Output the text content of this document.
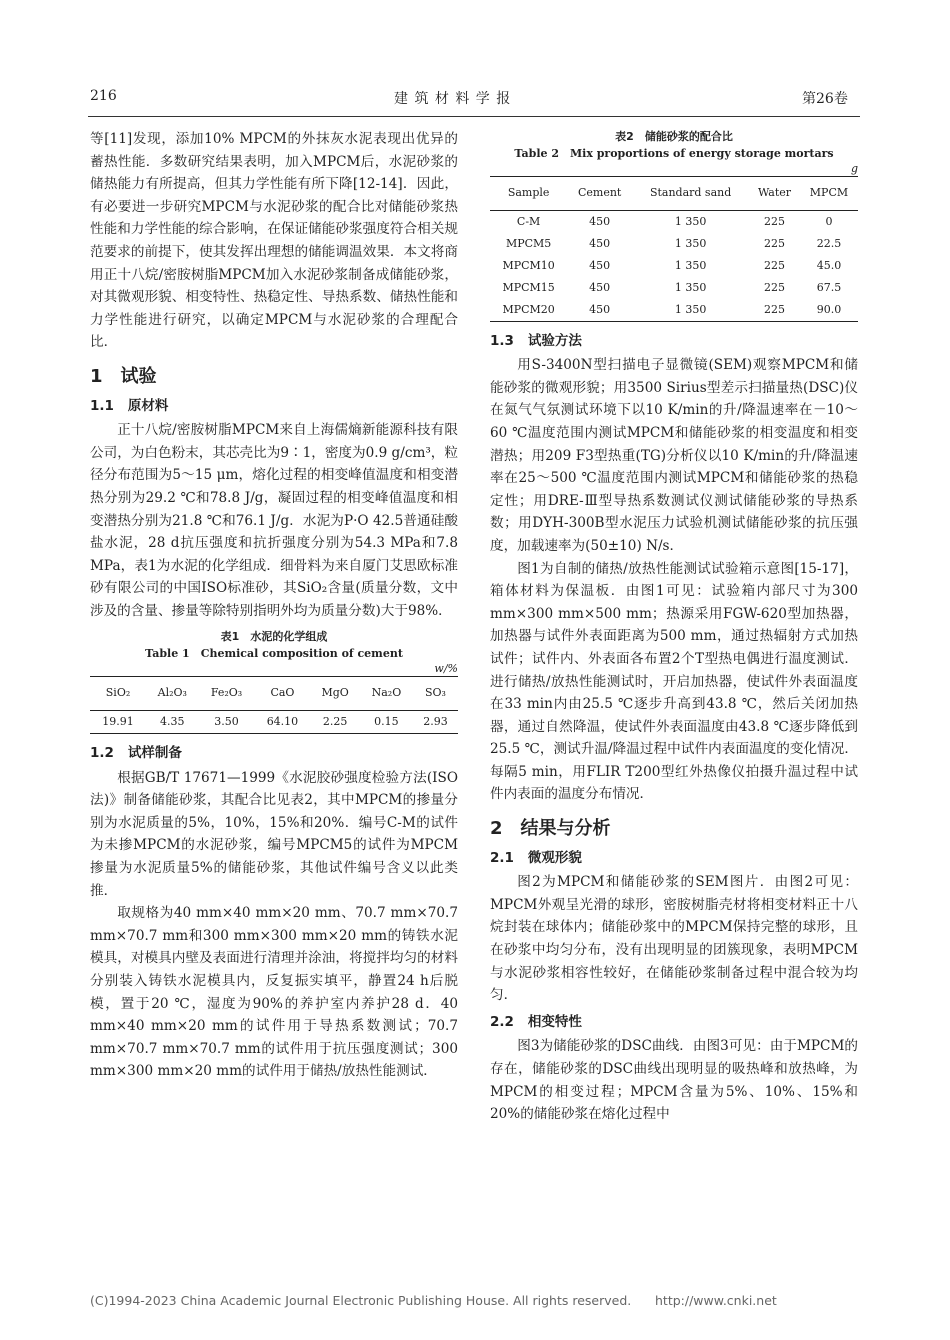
216	建 筑 材 料 学 报	第26卷

等[11]发现，添加10% MPCM的外抹灰水泥表现出优异的蓄热性能．多数研究结果表明，加入MPCM后，水泥砂浆的储热能力有所提高，但其力学性能有所下降[12-14]．因此，有必要进一步研究MPCM与水泥砂浆的配合比对储能砂浆热性能和力学性能的综合影响，在保证储能砂浆强度符合相关规范要求的前提下，使其发挥出理想的储能调温效果．本文将商用正十八烷/密胺树脂MPCM加入水泥砂浆制备成储能砂浆，对其微观形貌、相变特性、热稳定性、导热系数、储热性能和力学性能进行研究，以确定MPCM与水泥砂浆的合理配合比．

1 试验
1.1 原材料

正十八烷/密胺树脂MPCM来自上海儒熵新能源科技有限公司，为白色粉末，其芯壳比为9∶1，密度为0.9 g/cm³，粒径分布范围为5～15 μm，熔化过程的相变峰值温度和相变潜热分别为29.2 ℃和78.8 J/g，凝固过程的相变峰值温度和相变潜热分别为21.8 ℃和76.1 J/g．水泥为P·O 42.5普通硅酸盐水泥，28 d抗压强度和抗折强度分别为54.3 MPa和7.8 MPa，表1为水泥的化学组成．细骨料为来自厦门艾思欧标准砂有限公司的中国ISO标准砂，其SiO₂含量(质量分数，文中涉及的含量、掺量等除特别指明外均为质量分数)大于98%．

表1　水泥的化学组成
Table 1　Chemical composition of cement
w/%
SiO₂	Al₂O₃	Fe₂O₃	CaO	MgO	Na₂O	SO₃
19.91	4.35	3.50	64.10	2.25	0.15	2.93
1.2 试样制备

根据GB/T 17671—1999《水泥胶砂强度检验方法(ISO法)》制备储能砂浆，其配合比见表2，其中MPCM的掺量分别为水泥质量的5%，10%，15%和20%．编号C-M的试件为未掺MPCM的水泥砂浆，编号MPCM5的试件为MPCM掺量为水泥质量5%的储能砂浆，其他试件编号含义以此类推．

取规格为40 mm×40 mm×20 mm、70.7 mm×70.7 mm×70.7 mm和300 mm×300 mm×20 mm的铸铁水泥模具，对模具内壁及表面进行清理并涂油，将搅拌均匀的材料分别装入铸铁水泥模具内，反复振实填平，静置24 h后脱模，置于20 ℃，湿度为90%的养护室内养护28 d．40 mm×40 mm×20 mm的试件用于导热系数测试；70.7 mm×70.7 mm×70.7 mm的试件用于抗压强度测试；300 mm×300 mm×20 mm的试件用于储热/放热性能测试．

表2　储能砂浆的配合比
Table 2　Mix proportions of energy storage mortars
g
Sample	Cement	Standard sand	Water	MPCM
C-M	450	1 350	225	0
MPCM5	450	1 350	225	22.5
MPCM10	450	1 350	225	45.0
MPCM15	450	1 350	225	67.5
MPCM20	450	1 350	225	90.0
1.3 试验方法

用S-3400N型扫描电子显微镜(SEM)观察MPCM和储能砂浆的微观形貌；用3500 Sirius型差示扫描量热(DSC)仪在氮气气氛测试环境下以10 K/min的升/降温速率在－10～60 ℃温度范围内测试MPCM和储能砂浆的相变温度和相变潜热；用209 F3型热重(TG)分析仪以10 K/min的升/降温速率在25～500 ℃温度范围内测试MPCM和储能砂浆的热稳定性；用DRE-Ⅲ型导热系数测试仪测试储能砂浆的导热系数；用DYH-300B型水泥压力试验机测试储能砂浆的抗压强度，加载速率为(50±10) N/s．

图1为自制的储热/放热性能测试试验箱示意图[15-17]，箱体材料为保温板．由图1可见：试验箱内部尺寸为300 mm×300 mm×500 mm；热源采用FGW-620型加热器，加热器与试件外表面距离为500 mm，通过热辐射方式加热试件；试件内、外表面各布置2个T型热电偶进行温度测试．进行储热/放热性能测试时，开启加热器，使试件外表面温度在33 min内由25.5 ℃逐步升高到43.8 ℃，然后关闭加热器，通过自然降温，使试件外表面温度由43.8 ℃逐步降低到25.5 ℃，测试升温/降温过程中试件内表面温度的变化情况．每隔5 min，用FLIR T200型红外热像仪拍摄升温过程中试件内表面的温度分布情况．

2 结果与分析
2.1 微观形貌

图2为MPCM和储能砂浆的SEM图片．由图2可见：MPCM外观呈光滑的球形，密胺树脂壳材将相变材料正十八烷封装在球体内；储能砂浆中的MPCM保持完整的球形，且在砂浆中均匀分布，没有出现明显的团簇现象，表明MPCM与水泥砂浆相容性较好，在储能砂浆制备过程中混合较为均匀．

2.2 相变特性

图3为储能砂浆的DSC曲线．由图3可见：由于MPCM的存在，储能砂浆的DSC曲线出现明显的吸热峰和放热峰，为MPCM的相变过程；MPCM含量为5%、10%、15%和20%的储能砂浆在熔化过程中

(C)1994-2023 China Academic Journal Electronic Publishing House. All rights reserved. http://www.cnki.net
